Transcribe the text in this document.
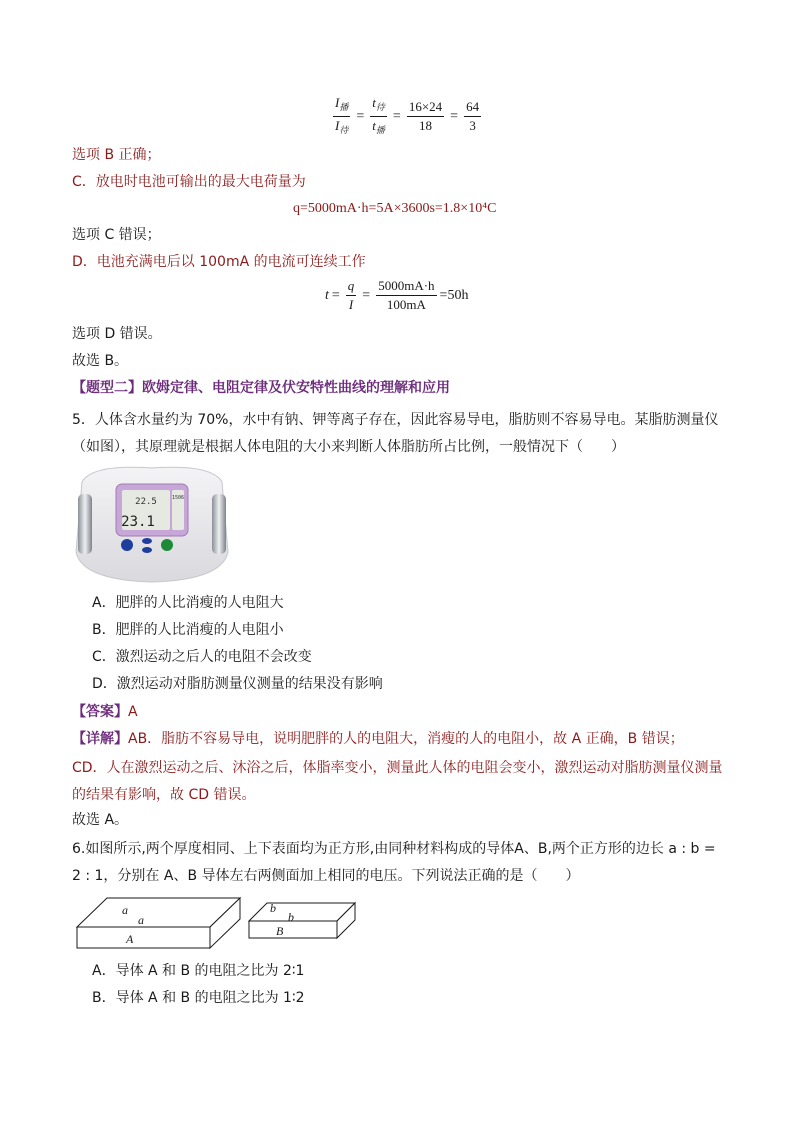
$\frac{I_播}{I_待} = \frac{t_待}{t_播} = \frac{16\times 24}{18} = \frac{64}{3}$
选项 B 正确；
C．放电时电池可输出的最大电荷量为
q=5000mA·h=5A×3600s=1.8×10⁴C
选项 C 错误；
D．电池充满电后以 100mA 的电流可连续工作
$t = \frac{q}{I} = \frac{5000mA\cdot h}{100mA} =50h$
选项 D 错误。
故选 B。
【题型二】欧姆定律、电阻定律及伏安特性曲线的理解和应用
5．人体含水量约为 70%，水中有钠、钾等离子存在，因此容易导电，脂肪则不容易导电。某脂肪测量仪（如图），其原理就是根据人体电阻的大小来判断人体脂肪所占比例，一般情况下（　　）
22.5	1506
23.1
A．肥胖的人比消瘦的人电阻大
B．肥胖的人比消瘦的人电阻小
C．激烈运动之后人的电阻不会改变
D．激烈运动对脂肪测量仪测量的结果没有影响
【答案】A
【详解】AB．脂肪不容易导电，说明肥胖的人的电阻大，消瘦的人的电阻小，故 A 正确，B 错误；
CD．人在激烈运动之后、沐浴之后，体脂率变小，测量此人体的电阻会变小，激烈运动对脂肪测量仪测量的结果有影响，故 CD 错误。
故选 A。
6.如图所示,两个厚度相同、上下表面均为正方形,由同种材料构成的导体A、B,两个正方形的边长 a : b = 2 : 1，分别在 A、B 导体左右两侧面加上相同的电压。下列说法正确的是（　　）
a
a
A
b
b
B
A．导体 A 和 B 的电阻之比为 2∶1
B．导体 A 和 B 的电阻之比为 1∶2
